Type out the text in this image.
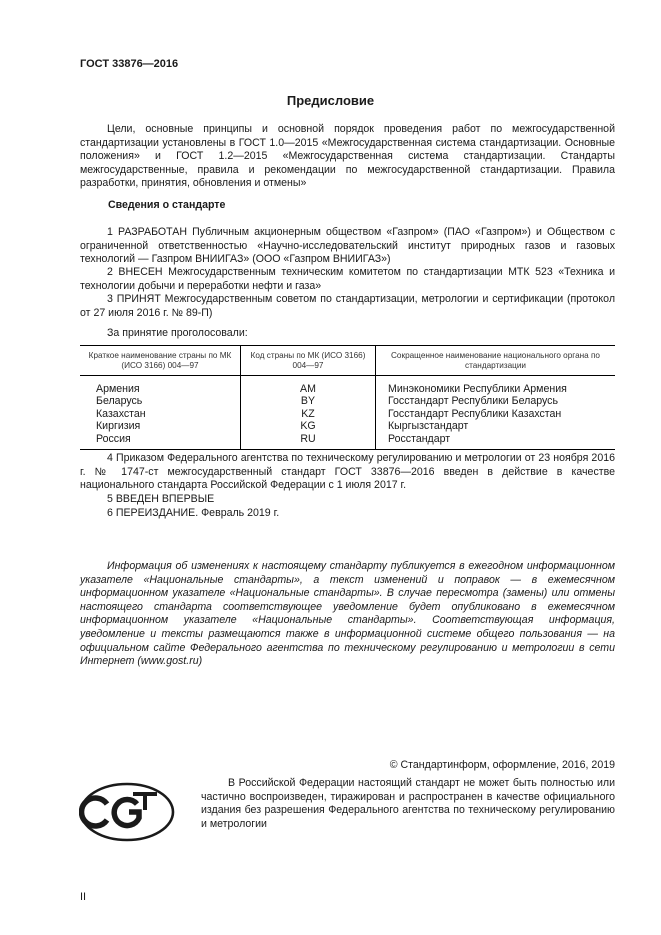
ГОСТ 33876—2016
Предисловие
Цели, основные принципы и основной порядок проведения работ по межгосударственной стандартизации установлены в ГОСТ 1.0—2015 «Межгосударственная система стандартизации. Основные положения» и ГОСТ 1.2—2015 «Межгосударственная система стандартизации. Стандарты межгосударственные, правила и рекомендации по межгосударственной стандартизации. Правила разработки, принятия, обновления и отмены»
Сведения о стандарте
1 РАЗРАБОТАН Публичным акционерным обществом «Газпром» (ПАО «Газпром») и Обществом с ограниченной ответственностью «Научно-исследовательский институт природных газов и газовых технологий — Газпром ВНИИГАЗ» (ООО «Газпром ВНИИГАЗ»)
2 ВНЕСЕН Межгосударственным техническим комитетом по стандартизации МТК 523 «Техника и технологии добычи и переработки нефти и газа»
3 ПРИНЯТ Межгосударственным советом по стандартизации, метрологии и сертификации (протокол от 27 июля 2016 г. № 89-П)
За принятие проголосовали:
Краткое наименование страны по МК (ИСО 3166) 004—97	Код страны по МК (ИСО 3166) 004—97	Сокращенное наименование национального органа по стандартизации
Армения	AM	Минэкономики Республики Армения
Беларусь	BY	Госстандарт Республики Беларусь
Казахстан	KZ	Госстандарт Республики Казахстан
Киргизия	KG	Кыргызстандарт
Россия	RU	Росстандарт
4 Приказом Федерального агентства по техническому регулированию и метрологии от 23 ноября 2016 г. № 1747-ст межгосударственный стандарт ГОСТ 33876—2016 введен в действие в качестве национального стандарта Российской Федерации с 1 июля 2017 г.
5 ВВЕДЕН ВПЕРВЫЕ
6 ПЕРЕИЗДАНИЕ. Февраль 2019 г.
Информация об изменениях к настоящему стандарту публикуется в ежегодном информационном указателе «Национальные стандарты», а текст изменений и поправок — в ежемесячном информационном указателе «Национальные стандарты». В случае пересмотра (замены) или отмены настоящего стандарта соответствующее уведомление будет опубликовано в ежемесячном информационном указателе «Национальные стандарты». Соответствующая информация, уведомление и тексты размещаются также в информационной системе общего пользования — на официальном сайте Федерального агентства по техническому регулированию и метрологии в сети Интернет (www.gost.ru)
© Стандартинформ, оформление, 2016, 2019
В Российской Федерации настоящий стандарт не может быть полностью или частично воспроизведен, тиражирован и распространен в качестве официального издания без разрешения Федерального агентства по техническому регулированию и метрологии
II
